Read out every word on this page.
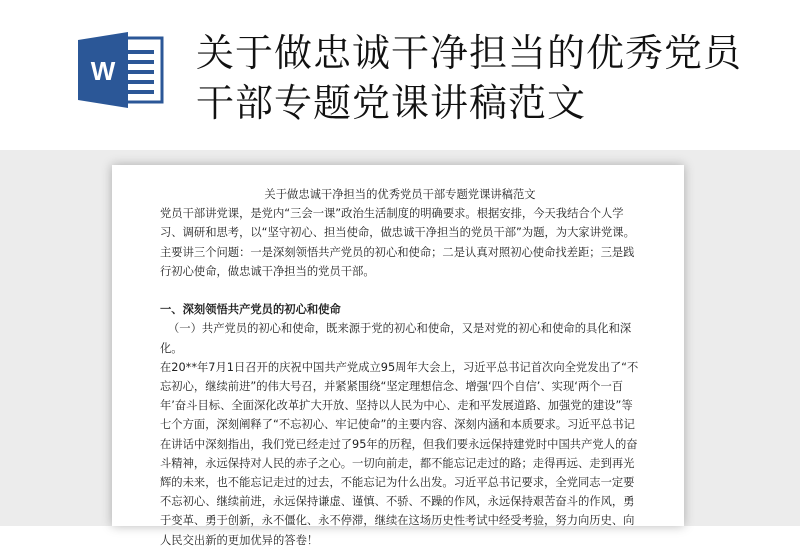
W 关于做忠诚干净担当的优秀党员
干部专题党课讲稿范文

关于做忠诚干净担当的优秀党员干部专题党课讲稿范文

党员干部讲党课，是党内“三会一课”政治生活制度的明确要求。根据安排，今天我结合个人学习、调研和思考，以“坚守初心、担当使命，做忠诚干净担当的党员干部”为题，为大家讲党课。主要讲三个问题：一是深刻领悟共产党员的初心和使命；二是认真对照初心使命找差距；三是践行初心使命，做忠诚干净担当的党员干部。

一、深刻领悟共产党员的初心和使命

（一）共产党员的初心和使命，既来源于党的初心和使命，又是对党的初心和使命的具化和深化。

在20**年7月1日召开的庆祝中国共产党成立95周年大会上，习近平总书记首次向全党发出了“不忘初心，继续前进”的伟大号召，并紧紧围绕“坚定理想信念、增强‘四个自信’、实现‘两个一百年’奋斗目标、全面深化改革扩大开放、坚持以人民为中心、走和平发展道路、加强党的建设”等七个方面，深刻阐释了“不忘初心、牢记使命”的主要内容、深刻内涵和本质要求。习近平总书记在讲话中深刻指出，我们党已经走过了95年的历程，但我们要永远保持建党时中国共产党人的奋斗精神，永远保持对人民的赤子之心。一切向前走，都不能忘记走过的路；走得再远、走到再光辉的未来，也不能忘记走过的过去，不能忘记为什么出发。习近平总书记要求，全党同志一定要不忘初心、继续前进，永远保持谦虚、谨慎、不骄、不躁的作风，永远保持艰苦奋斗的作风，勇于变革、勇于创新，永不僵化、永不停滞，继续在这场历史性考试中经受考验，努力向历史、向人民交出新的更加优异的答卷！
